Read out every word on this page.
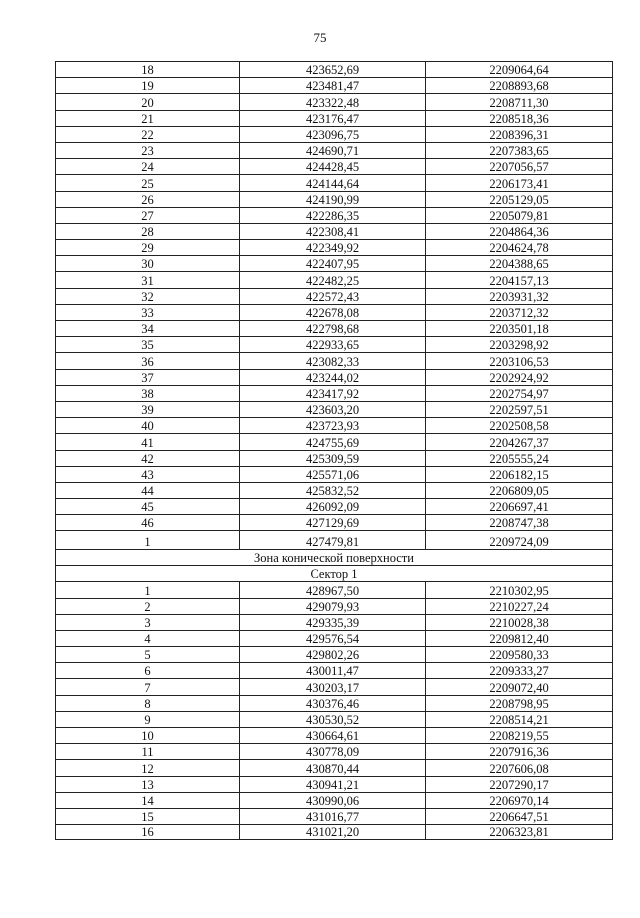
75
18	423652,69	2209064,64
19	423481,47	2208893,68
20	423322,48	2208711,30
21	423176,47	2208518,36
22	423096,75	2208396,31
23	424690,71	2207383,65
24	424428,45	2207056,57
25	424144,64	2206173,41
26	424190,99	2205129,05
27	422286,35	2205079,81
28	422308,41	2204864,36
29	422349,92	2204624,78
30	422407,95	2204388,65
31	422482,25	2204157,13
32	422572,43	2203931,32
33	422678,08	2203712,32
34	422798,68	2203501,18
35	422933,65	2203298,92
36	423082,33	2203106,53
37	423244,02	2202924,92
38	423417,92	2202754,97
39	423603,20	2202597,51
40	423723,93	2202508,58
41	424755,69	2204267,37
42	425309,59	2205555,24
43	425571,06	2206182,15
44	425832,52	2206809,05
45	426092,09	2206697,41
46	427129,69	2208747,38
1	427479,81	2209724,09
Зона конической поверхности		
Сектор 1		
1	428967,50	2210302,95
2	429079,93	2210227,24
3	429335,39	2210028,38
4	429576,54	2209812,40
5	429802,26	2209580,33
6	430011,47	2209333,27
7	430203,17	2209072,40
8	430376,46	2208798,95
9	430530,52	2208514,21
10	430664,61	2208219,55
11	430778,09	2207916,36
12	430870,44	2207606,08
13	430941,21	2207290,17
14	430990,06	2206970,14
15	431016,77	2206647,51
16	431021,20	2206323,81
